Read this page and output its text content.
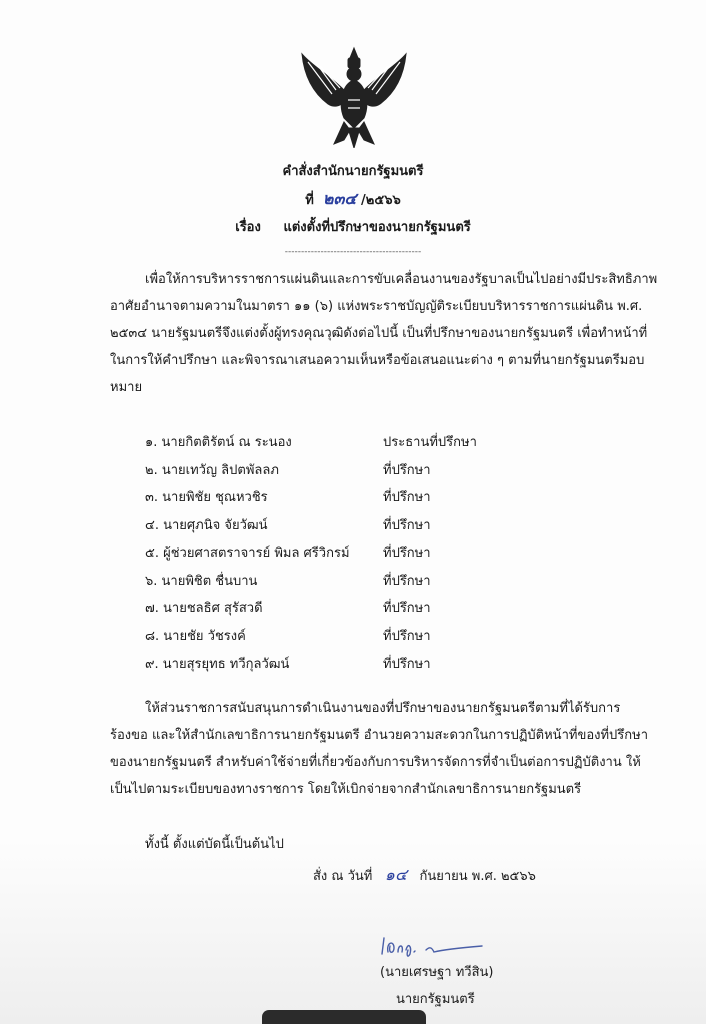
คำสั่งสำนักนายกรัฐมนตรี
ที่ ๒๓๔ /๒๕๖๖
เรื่อง แต่งตั้งที่ปรึกษาของนายกรัฐมนตรี
------------------------------------------
เพื่อให้การบริหารราชการแผ่นดินและการขับเคลื่อนงานของรัฐบาลเป็นไปอย่างมีประสิทธิภาพ อาศัยอำนาจตามความในมาตรา ๑๑ (๖) แห่งพระราชบัญญัติระเบียบบริหารราชการแผ่นดิน พ.ศ. ๒๕๓๔ นายรัฐมนตรีจึงแต่งตั้งผู้ทรงคุณวุฒิดังต่อไปนี้ เป็นที่ปรึกษาของนายกรัฐมนตรี เพื่อทำหน้าที่ในการให้คำปรึกษา และพิจารณาเสนอความเห็นหรือข้อเสนอแนะต่าง ๆ ตามที่นายกรัฐมนตรีมอบหมาย
๑. นายกิตติรัตน์ ณ ระนอง	ประธานที่ปรึกษา
๒. นายเทวัญ ลิปตพัลลภ	ที่ปรึกษา
๓. นายพิชัย ชุณหวชิร	ที่ปรึกษา
๔. นายศุภนิจ จัยวัฒน์	ที่ปรึกษา
๕. ผู้ช่วยศาสตราจารย์ พิมล ศรีวิกรม์	ที่ปรึกษา
๖. นายพิชิต ชื่นบาน	ที่ปรึกษา
๗. นายชลธิศ สุรัสวดี	ที่ปรึกษา
๘. นายชัย วัชรงค์	ที่ปรึกษา
๙. นายสุรยุทธ ทวีกุลวัฒน์	ที่ปรึกษา
ให้ส่วนราชการสนับสนุนการดำเนินงานของที่ปรึกษาของนายกรัฐมนตรีตามที่ได้รับการร้องขอ และให้สำนักเลขาธิการนายกรัฐมนตรี อำนวยความสะดวกในการปฏิบัติหน้าที่ของที่ปรึกษาของนายกรัฐมนตรี สำหรับค่าใช้จ่ายที่เกี่ยวข้องกับการบริหารจัดการที่จำเป็นต่อการปฏิบัติงาน ให้เป็นไปตามระเบียบของทางราชการ โดยให้เบิกจ่ายจากสำนักเลขาธิการนายกรัฐมนตรี
ทั้งนี้ ตั้งแต่บัดนี้เป็นต้นไป
สั่ง ณ วันที่ ๑๔ กันยายน พ.ศ. ๒๕๖๖
(นายเศรษฐา ทวีสิน)
นายกรัฐมนตรี
